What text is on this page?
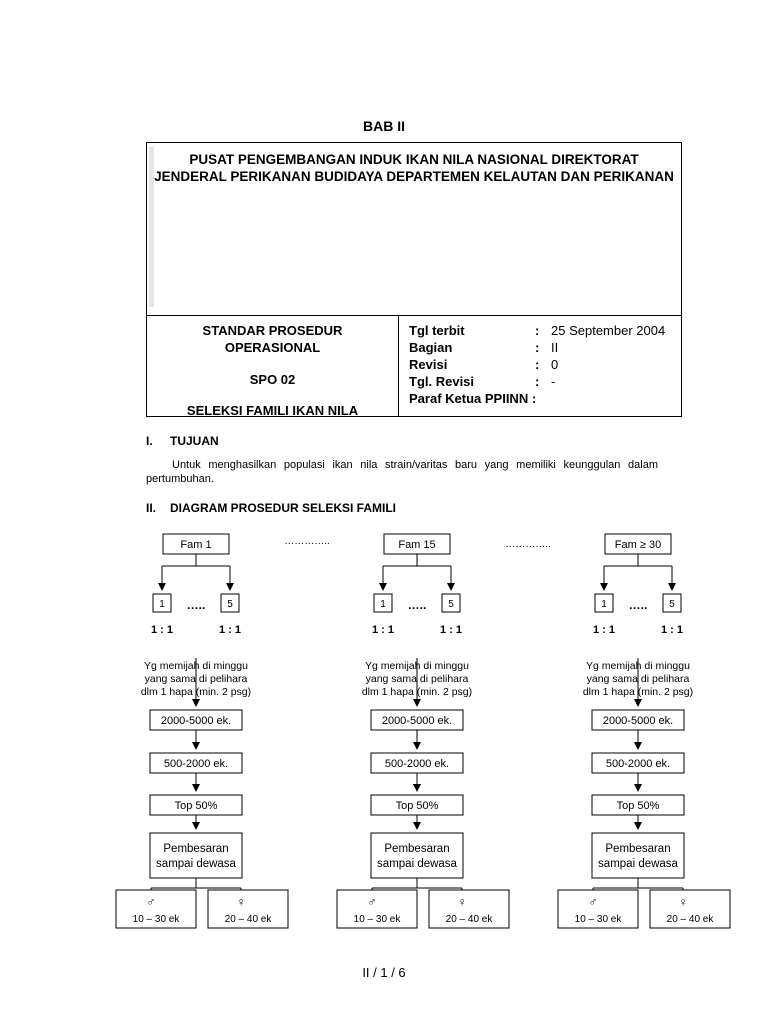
BAB II
PUSAT PENGEMBANGAN INDUK IKAN NILA NASIONAL DIREKTORAT
JENDERAL PERIKANAN BUDIDAYA DEPARTEMEN KELAUTAN DAN PERIKANAN
STANDAR PROSEDUR
OPERASIONAL
SPO 02
SELEKSI FAMILI IKAN NILA
Tgl terbit	: 25 September 2004
Bagian	: II
Revisi	: 0
Tgl. Revisi	: -
Paraf Ketua PPIINN :
I. TUJUAN
Untuk menghasilkan populasi ikan nila strain/varitas baru yang memiliki keunggulan dalam pertumbuhan.
II. DIAGRAM PROSEDUR SELEKSI FAMILI
Fam 1
1	5
…..
1 : 1	1 : 1
Yg memijah di minggu
yang sama di pelihara
dlm 1 hapa (min. 2 psg)
2000-5000 ek.
500-2000 ek.
Top 50%
Pembesaran
sampai dewasa
♂
10 – 30 ek
♀
20 – 40 ek
Fam 15
1	5
…..
1 : 1	1 : 1
Yg memijah di minggu
yang sama di pelihara
dlm 1 hapa (min. 2 psg)
2000-5000 ek.
500-2000 ek.
Top 50%
Pembesaran
sampai dewasa
♂
10 – 30 ek
♀
20 – 40 ek
Fam ≥ 30
1	5
…..
1 : 1	1 : 1
Yg memijah di minggu
yang sama di pelihara
dlm 1 hapa (min. 2 psg)
2000-5000 ek.
500-2000 ek.
Top 50%
Pembesaran
sampai dewasa
♂
10 – 30 ek
♀
20 – 40 ek
…………..	…………..
II / 1 / 6
